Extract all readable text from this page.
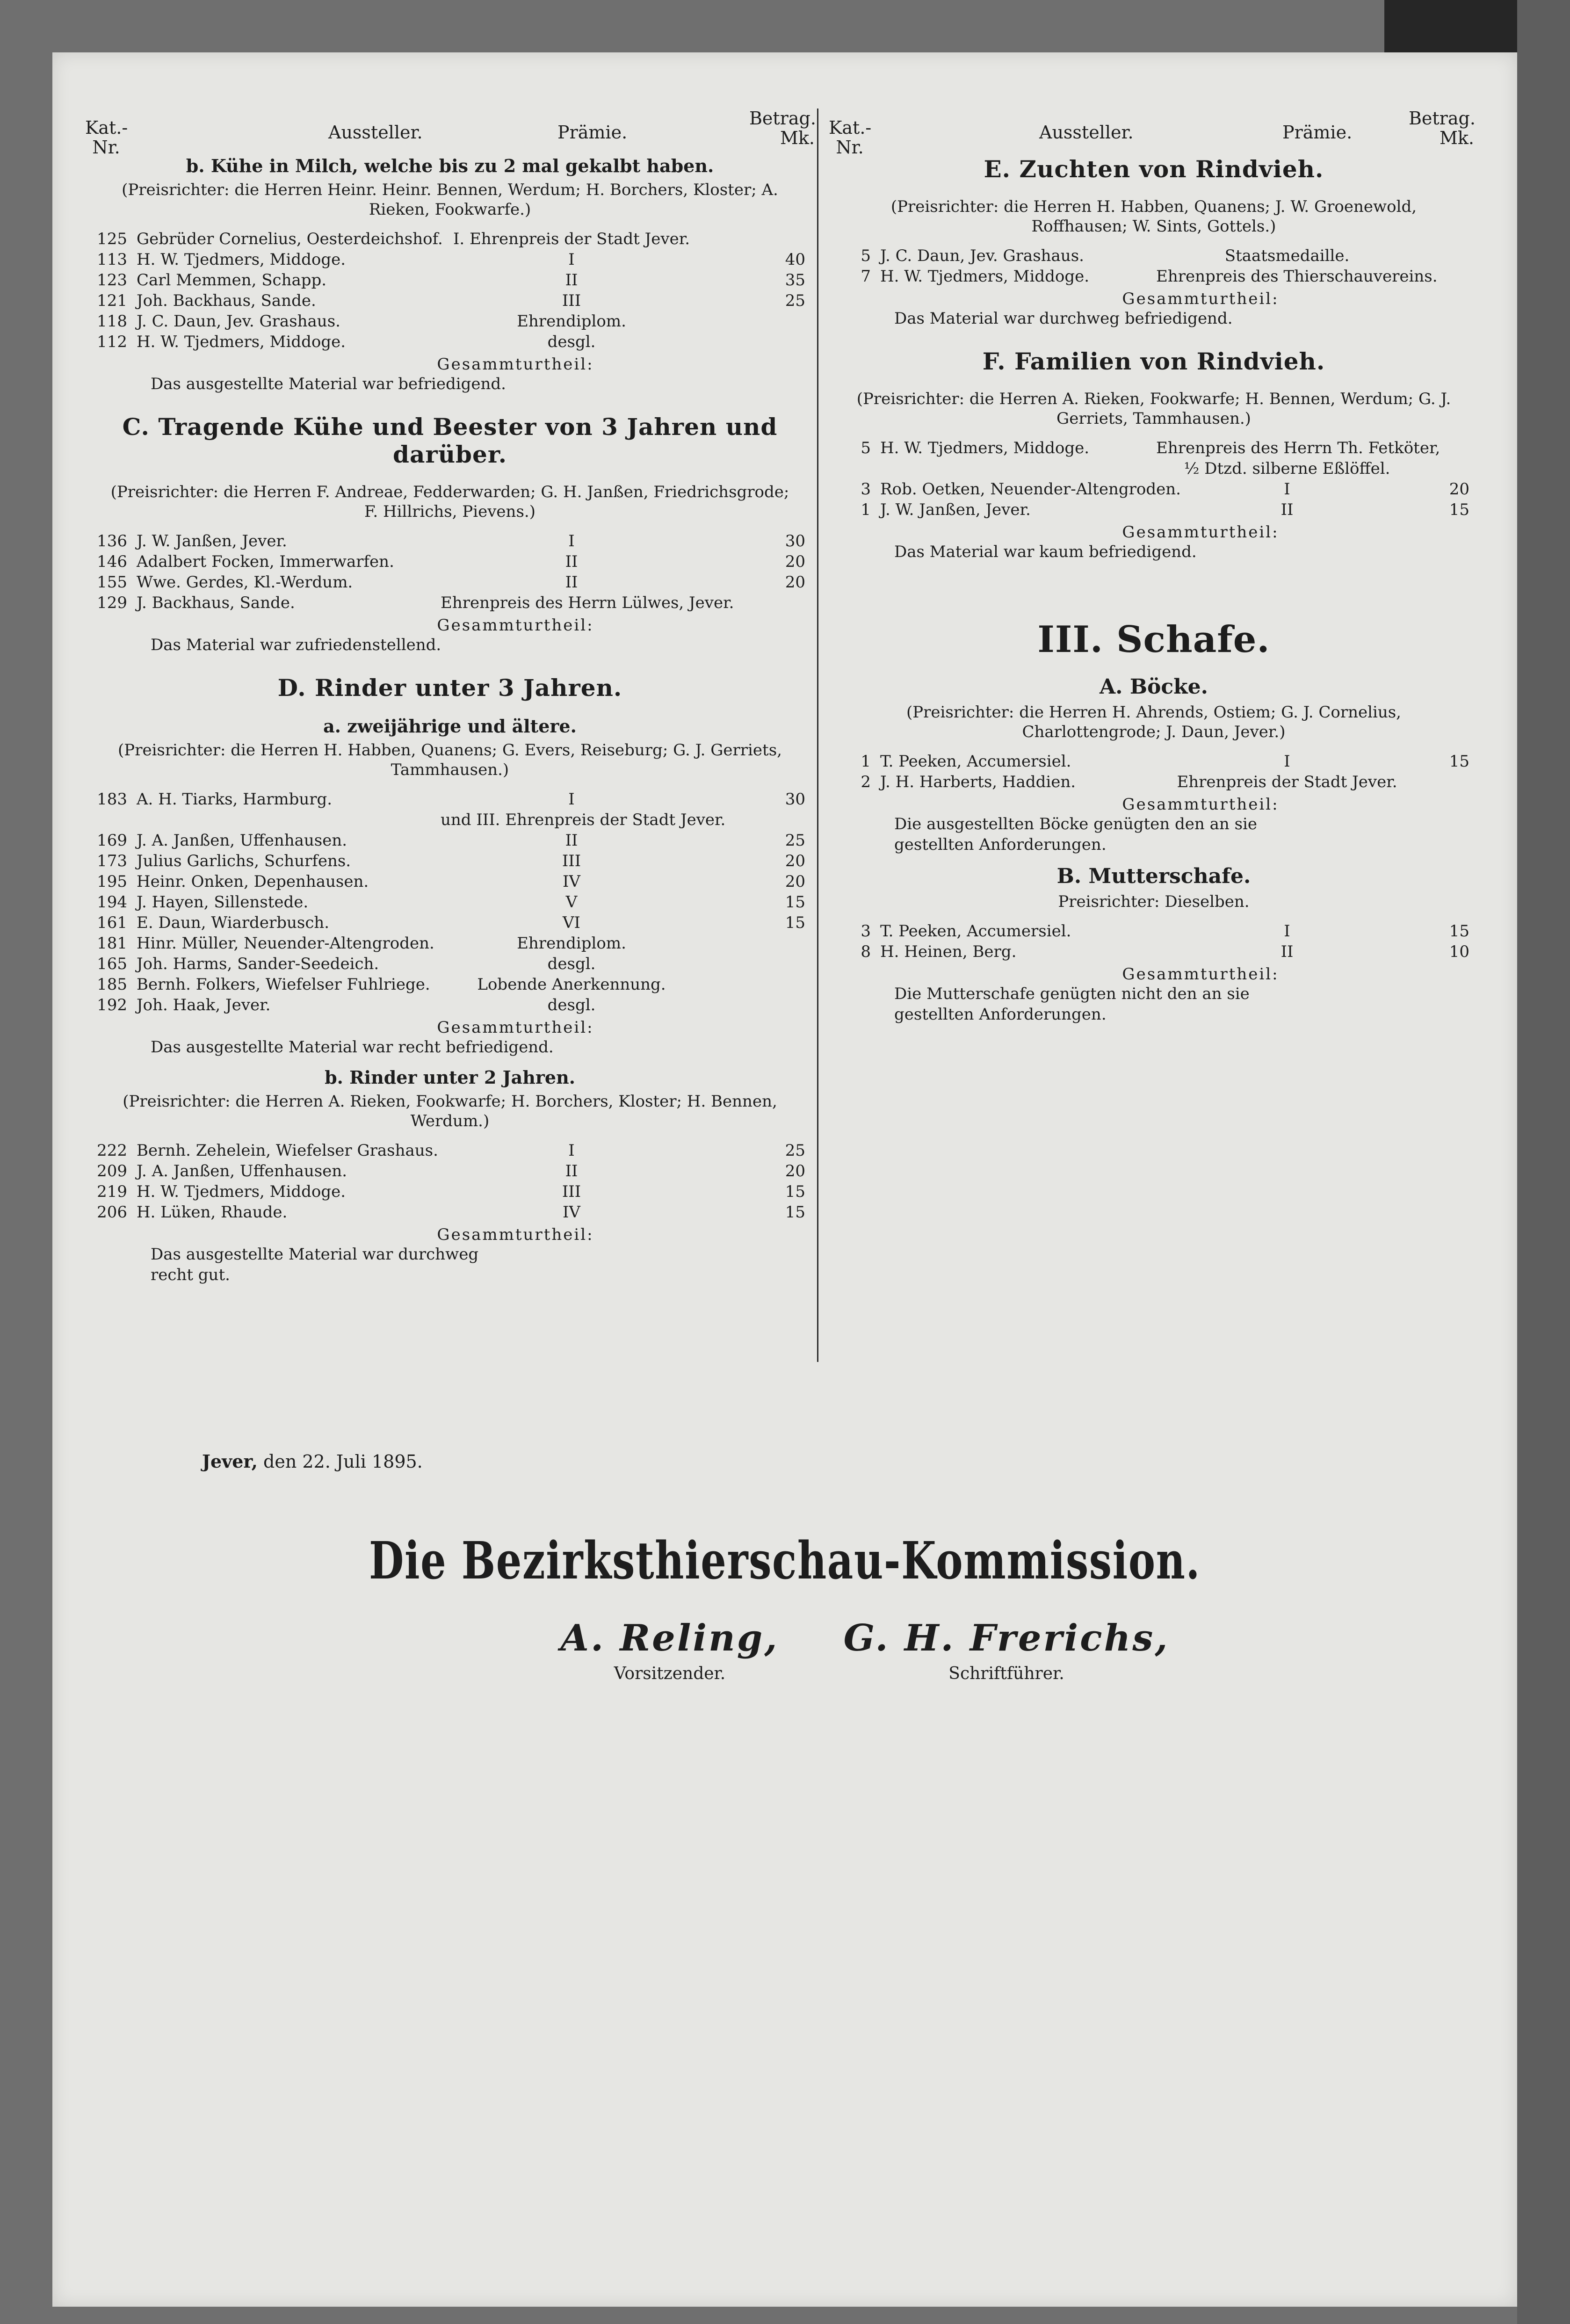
Kat.-
Nr.
Aussteller.	Prämie.
Betrag.
Mk.
b. Kühe in Milch, welche bis zu 2 mal gekalbt haben.
(Preisrichter: die Herren Heinr. Heinr. Bennen, Werdum; H. Borchers, Kloster; A. Rieken, Fookwarfe.)
125 Gebrüder Cornelius, Oesterdeichshof. I. Ehrenpreis der Stadt Jever.
113 H. W. Tjedmers, Middoge.	I	40
123 Carl Memmen, Schapp.	II	35
121 Joh. Backhaus, Sande.	III	25
118 J. C. Daun, Jev. Grashaus.	Ehrendiplom.
112 H. W. Tjedmers, Middoge.	desgl.
Gesammturtheil:
Das ausgestellte Material war befriedigend.
C. Tragende Kühe und Beester von 3 Jahren und darüber.
(Preisrichter: die Herren F. Andreae, Fedderwarden; G. H. Janßen, Friedrichsgrode; F. Hillrichs, Pievens.)
136 J. W. Janßen, Jever.	I	30
146 Adalbert Focken, Immerwarfen.	II	20
155 Wwe. Gerdes, Kl.-Werdum.	II	20
129 J. Backhaus, Sande.	Ehrenpreis des Herrn Lülwes, Jever.
Gesammturtheil:
Das Material war zufriedenstellend.
D. Rinder unter 3 Jahren.
a. zweijährige und ältere.
(Preisrichter: die Herren H. Habben, Quanens; G. Evers, Reiseburg; G. J. Gerriets, Tammhausen.)
183 A. H. Tiarks, Harmburg.	I	30
und III. Ehrenpreis der Stadt Jever.
169 J. A. Janßen, Uffenhausen.	II	25
173 Julius Garlichs, Schurfens.	III	20
195 Heinr. Onken, Depenhausen.	IV	20
194 J. Hayen, Sillenstede.	V	15
161 E. Daun, Wiarderbusch.	VI	15
181 Hinr. Müller, Neuender-Altengroden.	Ehrendiplom.
165 Joh. Harms, Sander-Seedeich.	desgl.
185 Bernh. Folkers, Wiefelser Fuhlriege.	Lobende Anerkennung.
192 Joh. Haak, Jever.	desgl.
Gesammturtheil:
Das ausgestellte Material war recht befriedigend.
b. Rinder unter 2 Jahren.
(Preisrichter: die Herren A. Rieken, Fookwarfe; H. Borchers, Kloster; H. Bennen, Werdum.)
222 Bernh. Zehelein, Wiefelser Grashaus.	I	25
209 J. A. Janßen, Uffenhausen.	II	20
219 H. W. Tjedmers, Middoge.	III	15
206 H. Lüken, Rhaude.	IV	15
Gesammturtheil:
Das ausgestellte Material war durchweg recht gut.
Kat.-
Nr.
Aussteller.	Prämie.
Betrag.
Mk.
E. Zuchten von Rindvieh.
(Preisrichter: die Herren H. Habben, Quanens; J. W. Groenewold, Roffhausen; W. Sints, Gottels.)
5 J. C. Daun, Jev. Grashaus.	Staatsmedaille.
7 H. W. Tjedmers, Middoge.	Ehrenpreis des Thierschauvereins.
Gesammturtheil:
Das Material war durchweg befriedigend.
F. Familien von Rindvieh.
(Preisrichter: die Herren A. Rieken, Fookwarfe; H. Bennen, Werdum; G. J. Gerriets, Tammhausen.)
5 H. W. Tjedmers, Middoge.	Ehrenpreis des Herrn Th. Fetköter,
½ Dtzd. silberne Eßlöffel.
3 Rob. Oetken, Neuender-Altengroden.	I	20
1 J. W. Janßen, Jever.	II	15
Gesammturtheil:
Das Material war kaum befriedigend.
III. Schafe.
A. Böcke.
(Preisrichter: die Herren H. Ahrends, Ostiem; G. J. Cornelius, Charlottengrode; J. Daun, Jever.)
1 T. Peeken, Accumersiel.	I	15
2 J. H. Harberts, Haddien.	Ehrenpreis der Stadt Jever.
Gesammturtheil:
Die ausgestellten Böcke genügten den an sie gestellten Anforderungen.
B. Mutterschafe.
Preisrichter: Dieselben.
3 T. Peeken, Accumersiel.	I	15
8 H. Heinen, Berg.	II	10
Gesammturtheil:
Die Mutterschafe genügten nicht den an sie gestellten Anforderungen.
Jever, den 22. Juli 1895.
Die Bezirksthierschau-Kommission.
A. Reling,
Vorsitzender.
G. H. Frerichs,
Schriftführer.
